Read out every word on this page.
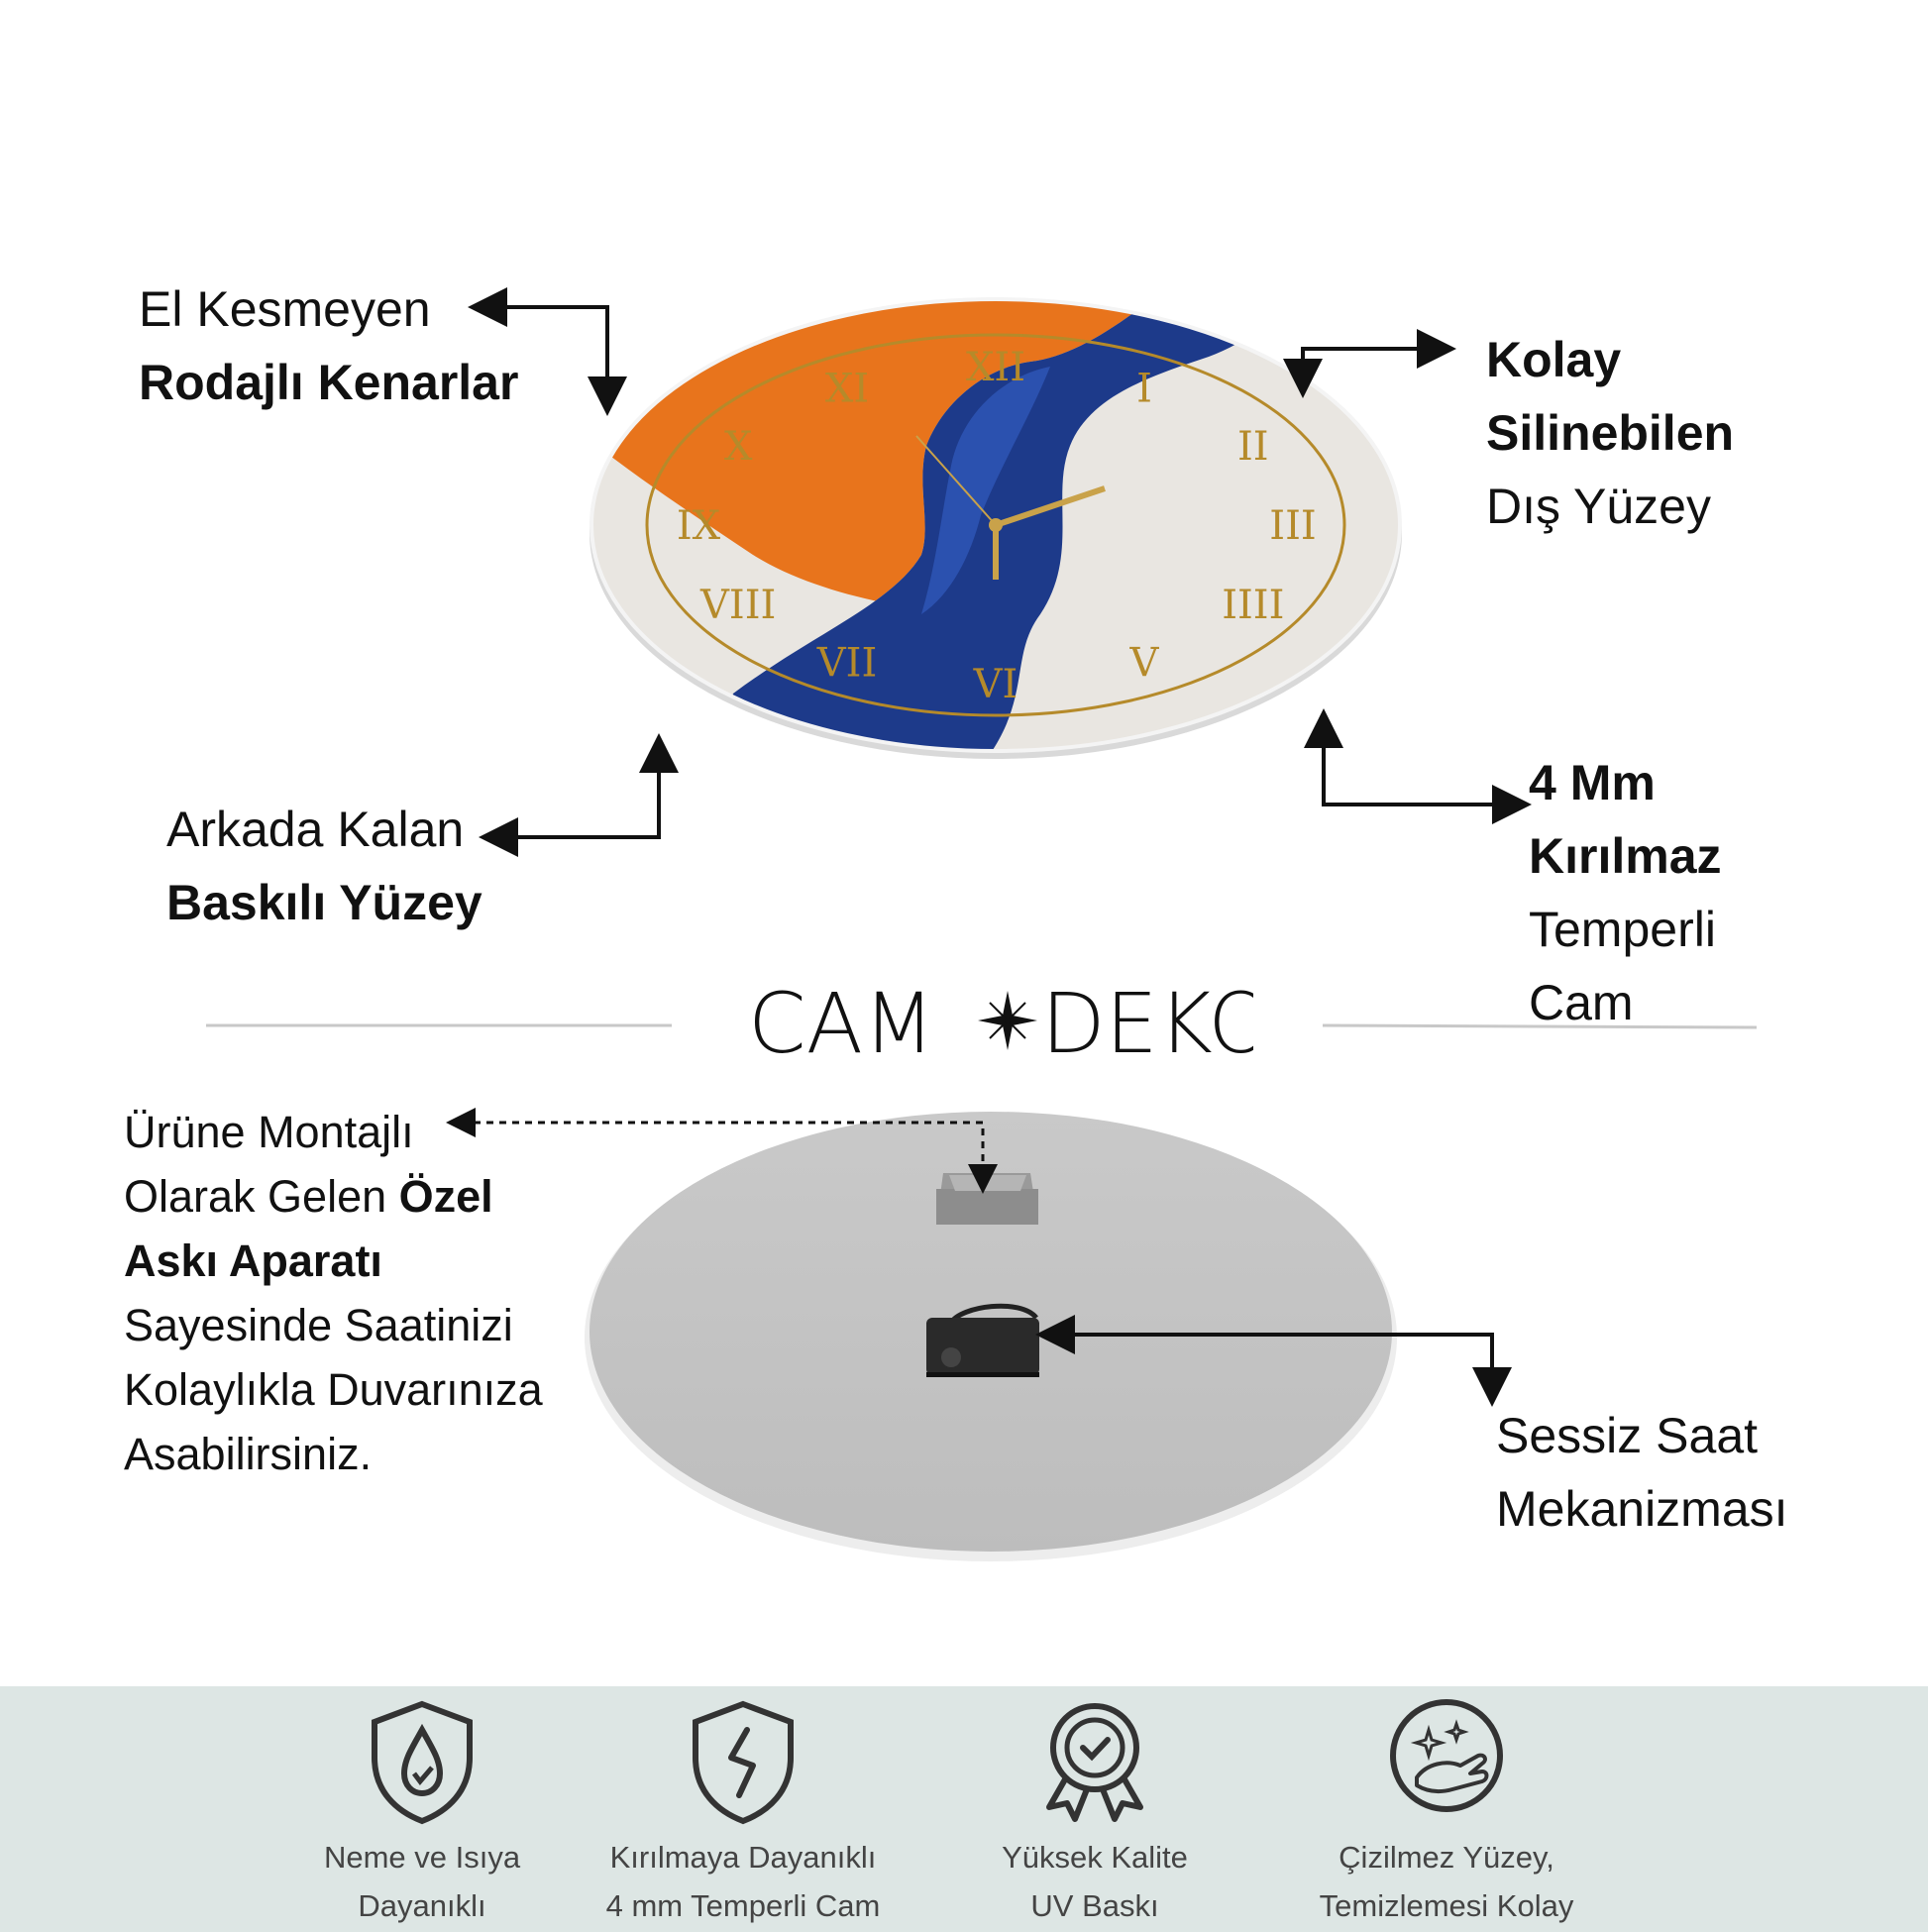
I
II
III
IIII
V
VI
VII
VIII
IX
X
XI XII
El Kesmeyen
Rodajlı Kenarlar	Kolay
Silinebilen
Dış Yüzey
Arkada Kalan
Baskılı Yüzey
4 Mm
Kırılmaz
Temperli
Cam
CAM DEKO
Ürüne Montajlı
Olarak Gelen Özel
Askı Aparatı
Sayesinde Saatinizi
Kolaylıkla Duvarınıza
Asabilirsiniz.	Sessiz Saat
Mekanizması
Neme ve Isıya
Dayanıklı
Kırılmaya Dayanıklı
4 mm Temperli Cam
Yüksek Kalite
UV Baskı
Çizilmez Yüzey,
Temizlemesi Kolay
